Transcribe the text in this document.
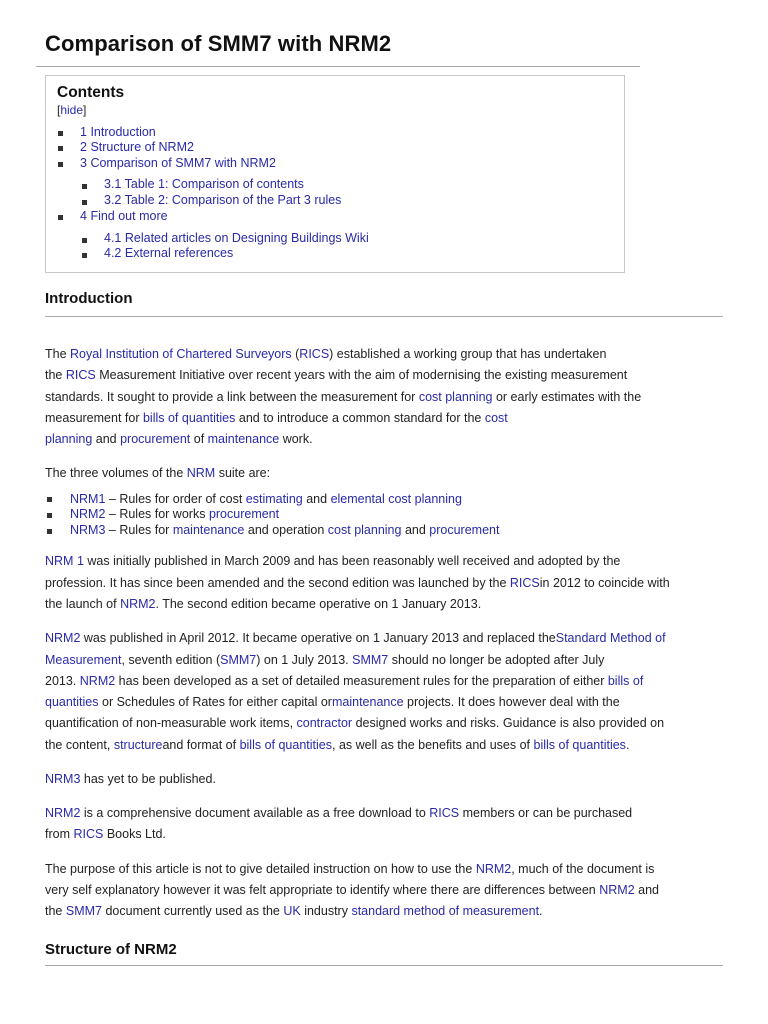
Comparison of SMM7 with NRM2
Contents
[hide]
1 Introduction
2 Structure of NRM2
3 Comparison of SMM7 with NRM2
3.1 Table 1: Comparison of contents
3.2 Table 2: Comparison of the Part 3 rules
4 Find out more
4.1 Related articles on Designing Buildings Wiki
4.2 External references
Introduction
The Royal Institution of Chartered Surveyors (RICS) established a working group that has undertaken
the RICS Measurement Initiative over recent years with the aim of modernising the existing measurement
standards. It sought to provide a link between the measurement for cost planning or early estimates with the
measurement for bills of quantities and to introduce a common standard for the cost
planning and procurement of maintenance work.
The three volumes of the NRM suite are:
NRM1 – Rules for order of cost estimating and elemental cost planning
NRM2 – Rules for works procurement
NRM3 – Rules for maintenance and operation cost planning and procurement
NRM 1 was initially published in March 2009 and has been reasonably well received and adopted by the
profession. It has since been amended and the second edition was launched by the RICSin 2012 to coincide with
the launch of NRM2. The second edition became operative on 1 January 2013.
NRM2 was published in April 2012. It became operative on 1 January 2013 and replaced theStandard Method of
Measurement, seventh edition (SMM7) on 1 July 2013. SMM7 should no longer be adopted after July
2013. NRM2 has been developed as a set of detailed measurement rules for the preparation of either bills of
quantities or Schedules of Rates for either capital ormaintenance projects. It does however deal with the
quantification of non-measurable work items, contractor designed works and risks. Guidance is also provided on
the content, structureand format of bills of quantities, as well as the benefits and uses of bills of quantities.
NRM3 has yet to be published.
NRM2 is a comprehensive document available as a free download to RICS members or can be purchased
from RICS Books Ltd.
The purpose of this article is not to give detailed instruction on how to use the NRM2, much of the document is
very self explanatory however it was felt appropriate to identify where there are differences between NRM2 and
the SMM7 document currently used as the UK industry standard method of measurement.
Structure of NRM2
